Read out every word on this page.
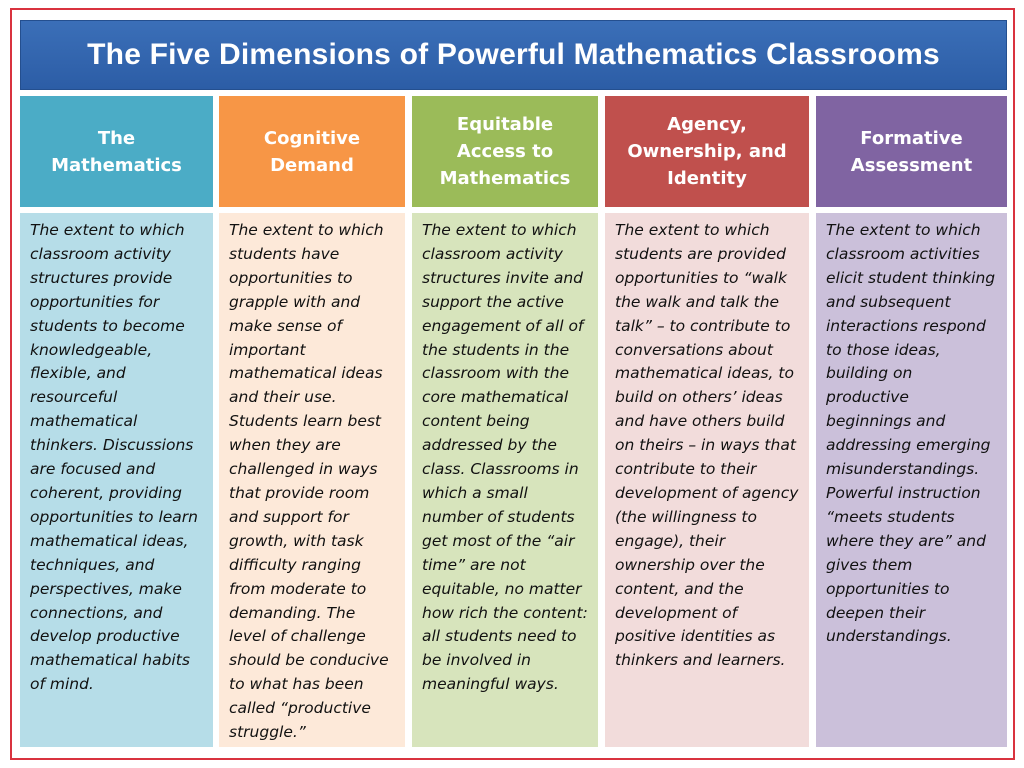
The Five Dimensions of Powerful Mathematics Classrooms
The Mathematics
Cognitive Demand
Equitable Access to Mathematics
Agency, Ownership, and Identity
Formative Assessment
The extent to which classroom activity structures provide opportunities for students to become knowledgeable, flexible, and resourceful mathematical thinkers. Discussions are focused and coherent, providing opportunities to learn mathematical ideas, techniques, and perspectives, make connections, and develop productive mathematical habits of mind.
The extent to which students have opportunities to grapple with and make sense of important mathematical ideas and their use. Students learn best when they are challenged in ways that provide room and support for growth, with task difficulty ranging from moderate to demanding. The level of challenge should be conducive to what has been called “productive struggle.”
The extent to which classroom activity structures invite and support the active engagement of all of the students in the classroom with the core mathematical content being addressed by the class. Classrooms in which a small number of students get most of the “air time” are not equitable, no matter how rich the content: all students need to be involved in meaningful ways.
The extent to which students are provided opportunities to “walk the walk and talk the talk” – to contribute to conversations about mathematical ideas, to build on others’ ideas and have others build on theirs – in ways that contribute to their development of agency (the willingness to engage), their ownership over the content, and the development of positive identities as thinkers and learners.
The extent to which classroom activities elicit student thinking and subsequent interactions respond to those ideas, building on productive beginnings and addressing emerging misunderstandings. Powerful instruction “meets students where they are” and gives them opportunities to deepen their understandings.
